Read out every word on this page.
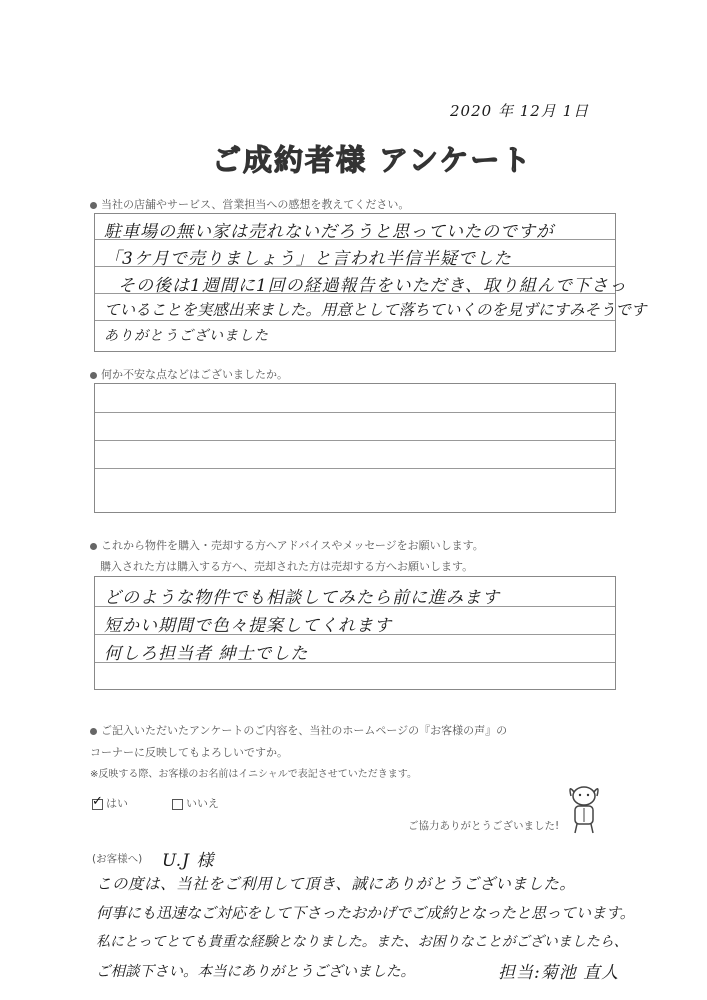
2020 年 12月 1日
ご成約者様 アンケート
当社の店舗やサービス、営業担当への感想を教えてください。
駐車場の無い家は売れないだろうと思っていたのですが
「3ケ月で売りましょう」と言われ半信半疑でした
その後は1週間に1回の経過報告をいただき、取り組んで下さっ
ていることを実感出来ました。用意として落ちていくのを見ずにすみそうです
ありがとうございました
何か不安な点などはございましたか。
これから物件を購入・売却する方へアドバイスやメッセージをお願いします。
購入された方は購入する方へ、売却された方は売却する方へお願いします。
どのような物件でも相談してみたら前に進みます
短かい期間で色々提案してくれます
何しろ担当者 紳士でした
ご記入いただいたアンケートのご内容を、当社のホームページの『お客様の声』の
コーナーに反映してもよろしいですか。
※反映する際、お客様のお名前はイニシャルで表記させていただきます。
✓はい	いいえ
ご協力ありがとうございました!
(お客様へ) U.J 様
この度は、当社をご利用して頂き、誠にありがとうございました。
何事にも迅速なご対応をして下さったおかげでご成約となったと思っています。
私にとってとても貴重な経験となりました。また、お困りなことがございましたら、
ご相談下さい。本当にありがとうございました。	担当:菊池 直人
